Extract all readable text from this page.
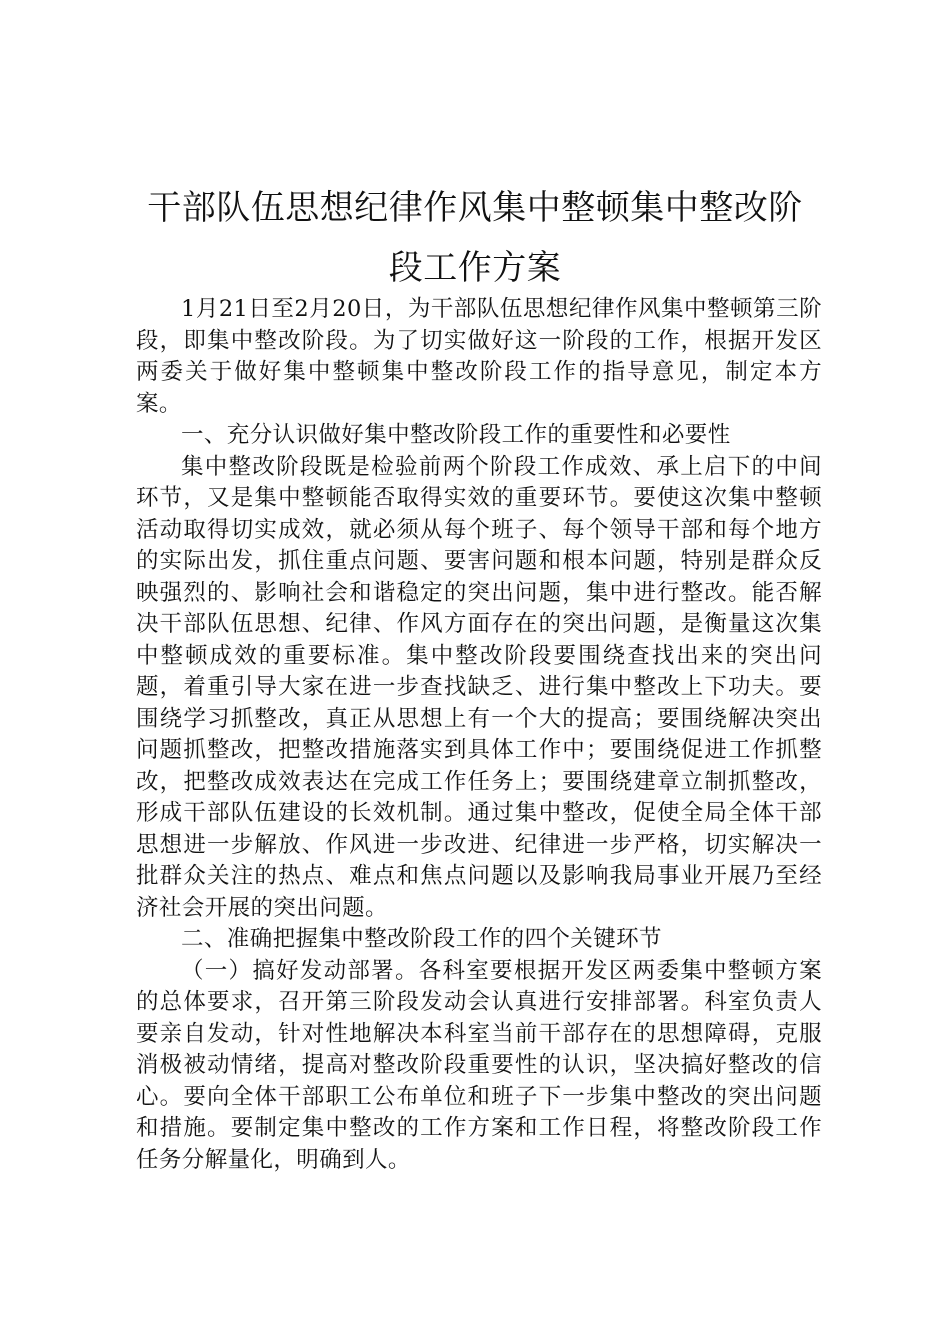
干部队伍思想纪律作风集中整顿集中整改阶
段工作方案

1月21日至2月20日，为干部队伍思想纪律作风集中整顿第三阶段，即集中整改阶段。为了切实做好这一阶段的工作，根据开发区两委关于做好集中整顿集中整改阶段工作的指导意见，制定本方案。

一、充分认识做好集中整改阶段工作的重要性和必要性

集中整改阶段既是检验前两个阶段工作成效、承上启下的中间环节，又是集中整顿能否取得实效的重要环节。要使这次集中整顿活动取得切实成效，就必须从每个班子、每个领导干部和每个地方的实际出发，抓住重点问题、要害问题和根本问题，特别是群众反映强烈的、影响社会和谐稳定的突出问题，集中进行整改。能否解决干部队伍思想、纪律、作风方面存在的突出问题，是衡量这次集中整顿成效的重要标准。集中整改阶段要围绕查找出来的突出问题，着重引导大家在进一步查找缺乏、进行集中整改上下功夫。要围绕学习抓整改，真正从思想上有一个大的提高；要围绕解决突出问题抓整改，把整改措施落实到具体工作中；要围绕促进工作抓整改，把整改成效表达在完成工作任务上；要围绕建章立制抓整改，形成干部队伍建设的长效机制。通过集中整改，促使全局全体干部思想进一步解放、作风进一步改进、纪律进一步严格，切实解决一批群众关注的热点、难点和焦点问题以及影响我局事业开展乃至经济社会开展的突出问题。

二、准确把握集中整改阶段工作的四个关键环节

（一）搞好发动部署。各科室要根据开发区两委集中整顿方案的总体要求，召开第三阶段发动会认真进行安排部署。科室负责人要亲自发动，针对性地解决本科室当前干部存在的思想障碍，克服消极被动情绪，提高对整改阶段重要性的认识，坚决搞好整改的信心。要向全体干部职工公布单位和班子下一步集中整改的突出问题和措施。要制定集中整改的工作方案和工作日程，将整改阶段工作任务分解量化，明确到人。
